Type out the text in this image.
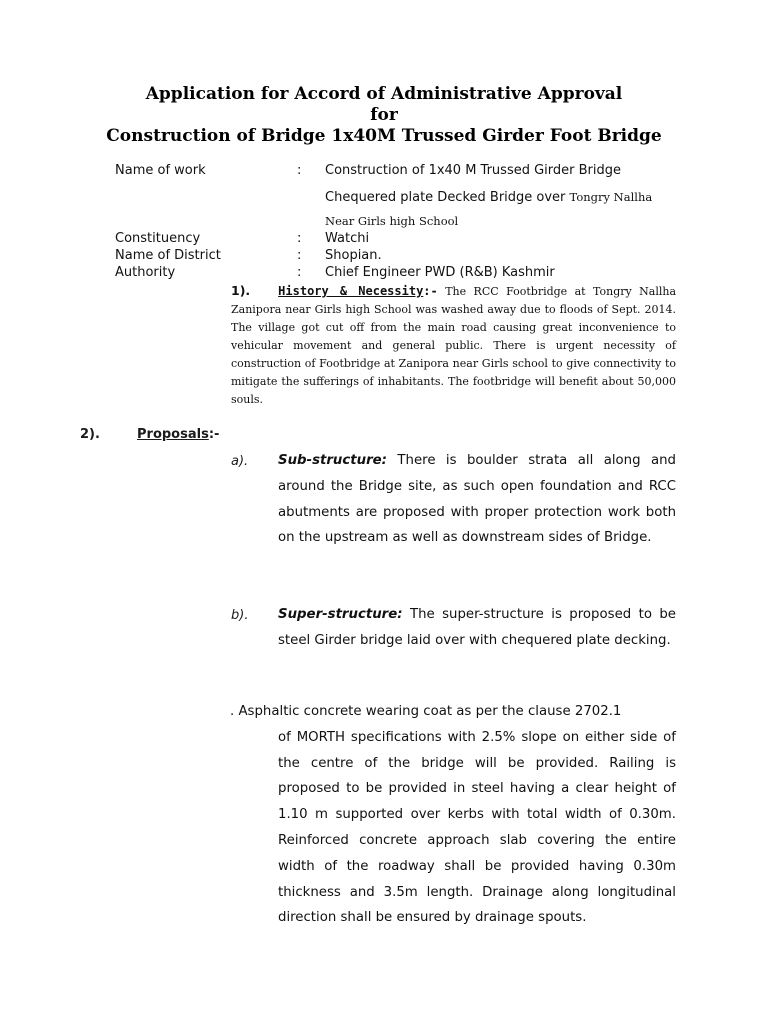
Application for Accord of Administrative Approval
for
Construction of Bridge 1x40M Trussed Girder Foot Bridge
Name of work	: Construction of 1x40 M Trussed Girder Bridge
Chequered plate Decked Bridge over Tongry Nallha
Near Girls high School
Constituency	: Watchi
Name of District	: Shopian.
Authority	: Chief Engineer PWD (R&B) Kashmir
1). History & Necessity:- The RCC Footbridge at Tongry Nallha Zanipora near Girls high School was washed away due to floods of Sept. 2014. The village got cut off from the main road causing great inconvenience to vehicular movement and general public. There is urgent necessity of construction of Footbridge at Zanipora near Girls school to give connectivity to mitigate the sufferings of inhabitants. The footbridge will benefit about 50,000 souls.
2).	Proposals:-
a). Sub-structure: There is boulder strata all along and around the Bridge site, as such open foundation and RCC abutments are proposed with proper protection work both on the upstream as well as downstream sides of Bridge.
b). Super-structure: The super-structure is proposed to be steel Girder bridge laid over with chequered plate decking.
. Asphaltic concrete wearing coat as per the clause 2702.1
of MORTH specifications with 2.5% slope on either side of the centre of the bridge will be provided. Railing is proposed to be provided in steel having a clear height of 1.10 m supported over kerbs with total width of 0.30m. Reinforced concrete approach slab covering the entire width of the roadway shall be provided having 0.30m thickness and 3.5m length. Drainage along longitudinal direction shall be ensured by drainage spouts.
